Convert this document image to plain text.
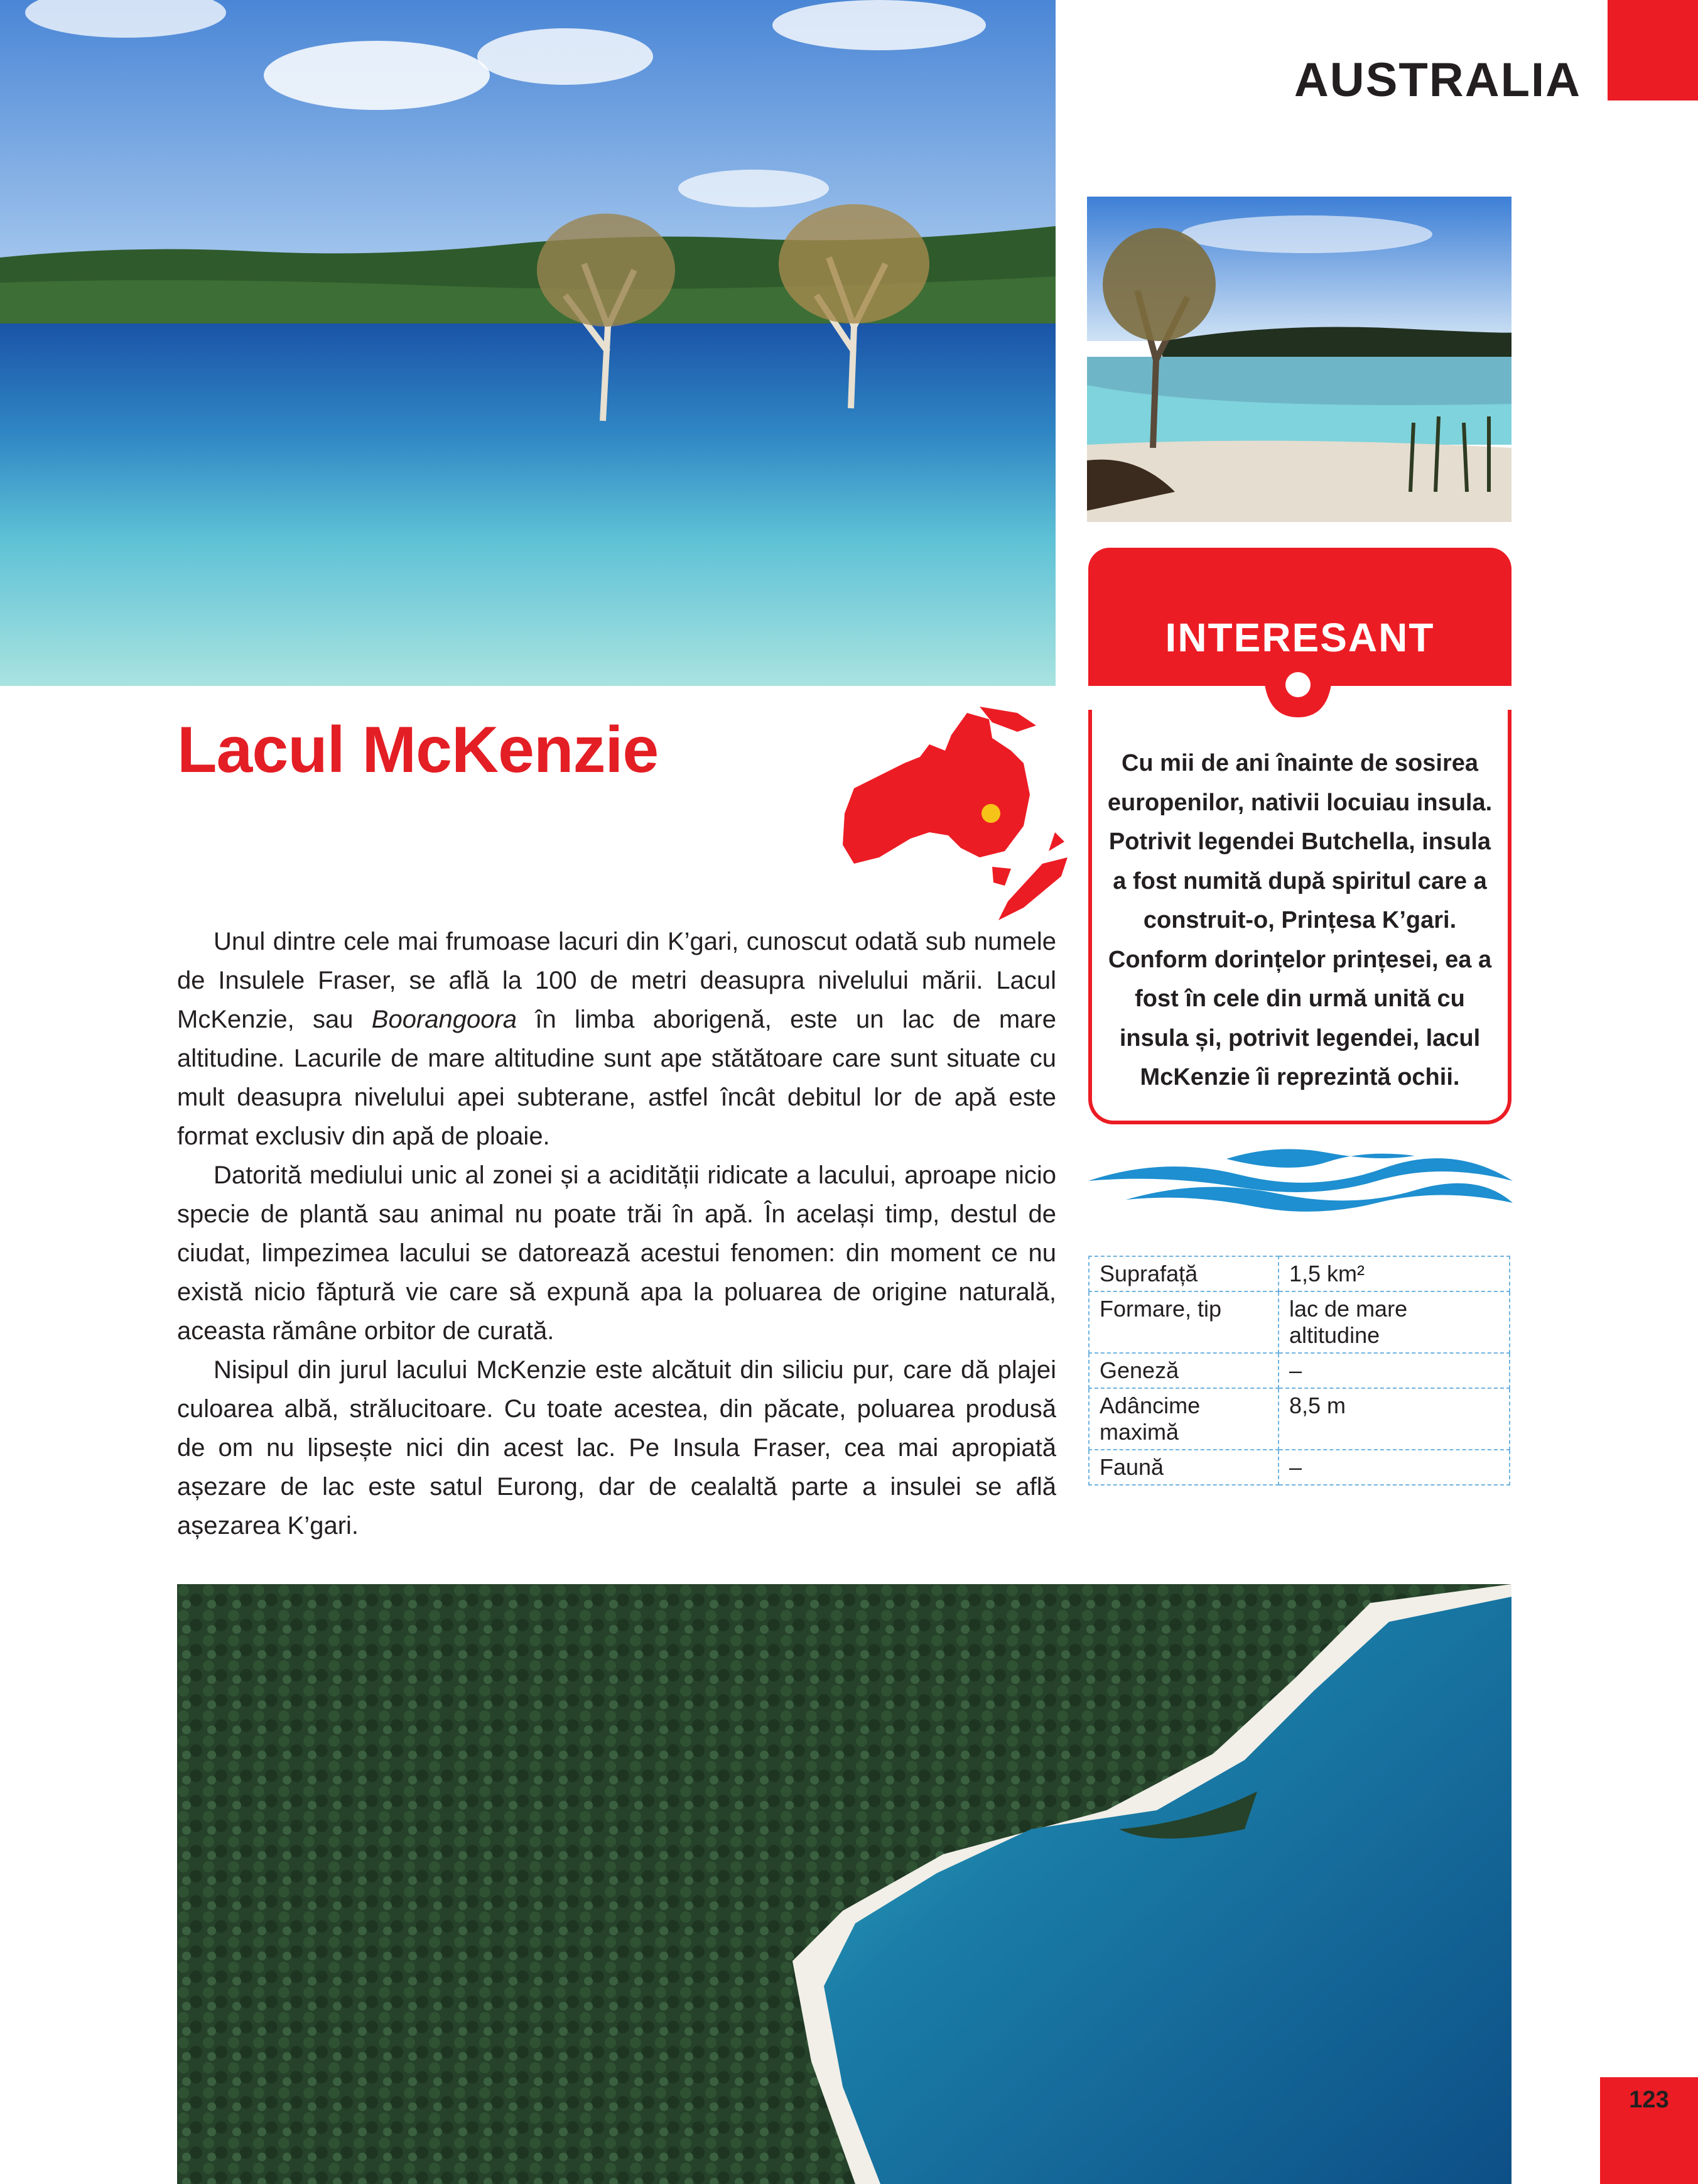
AUSTRALIA
Lacul McKenzie

Unul dintre cele mai frumoase lacuri din K’gari, cunoscut odată sub numele de Insulele Fraser, se află la 100 de metri deasupra nivelului mării. Lacul McKenzie, sau Boorangoora în limba aborigenă, este un lac de mare altitudine. Lacurile de mare altitudine sunt ape stătătoare care sunt situate cu mult deasupra nivelului apei subterane, astfel încât debitul lor de apă este format exclusiv din apă de ploaie.

Datorită mediului unic al zonei și a acidității ridicate a lacului, aproape nicio specie de plantă sau animal nu poate trăi în apă. În același timp, destul de ciudat, limpezimea lacului se datorează acestui fenomen: din moment ce nu există nicio făptură vie care să expună apa la poluarea de origine naturală, aceasta rămâne orbitor de curată.

Nisipul din jurul lacului McKenzie este alcătuit din siliciu pur, care dă plajei culoarea albă, strălucitoare. Cu toate acestea, din păcate, poluarea produsă de om nu lipsește nici din acest lac. Pe Insula Fraser, cea mai apropiată așezare de lac este satul Eurong, dar de cealaltă parte a insulei se află așezarea K’gari.

INTERESANT
Cu mii de ani înainte de sosirea europenilor, nativii locuiau insula. Potrivit legendei Butchella, insula a fost numită după spiritul care a construit-o, Prințesa K’gari. Conform dorințelor prințesei, ea a fost în cele din urmă unită cu insula și, potrivit legendei, lacul McKenzie îi reprezintă ochii.
Suprafață	1,5 km²
Formare, tip	lac de mare altitudine
Geneză	–
Adâncime maximă	8,5 m
Faună	–
123
